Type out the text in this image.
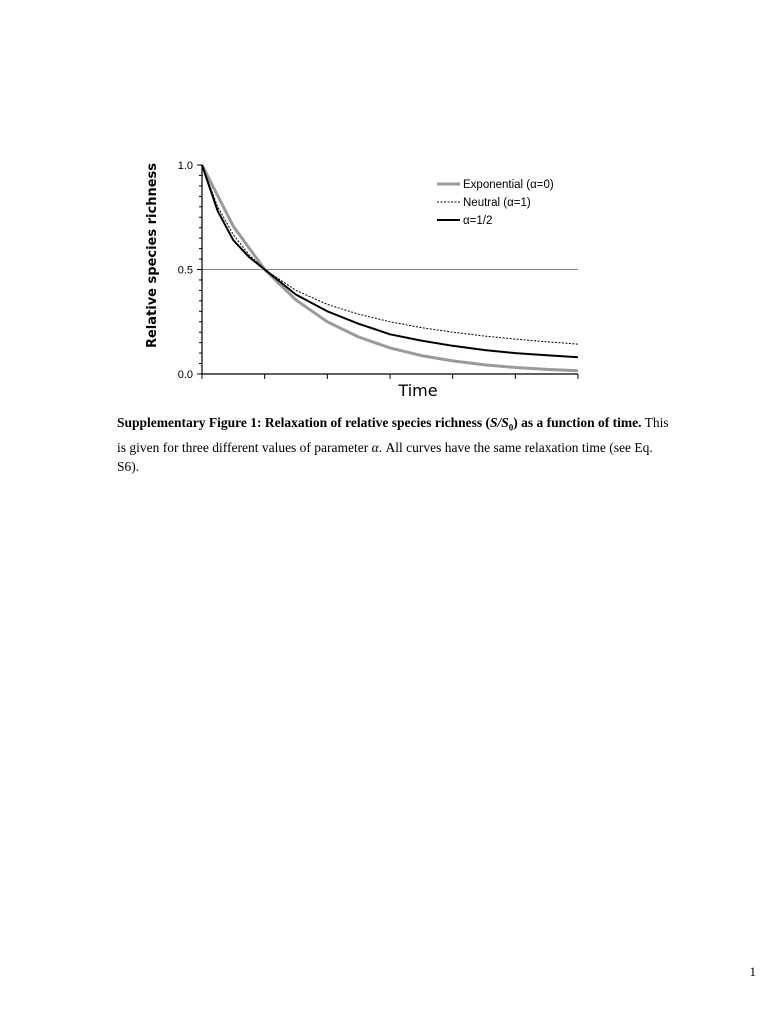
0.0
0.5
1.0
Relative species richness
Time
Exponential (α=0)
Neutral (α=1)
α=1/2
Supplementary Figure 1: Relaxation of relative species richness $(S/S_0)$ as a function of time. This is given for three different values of parameter α. All curves have the same relaxation time (see Eq. S6).
1
